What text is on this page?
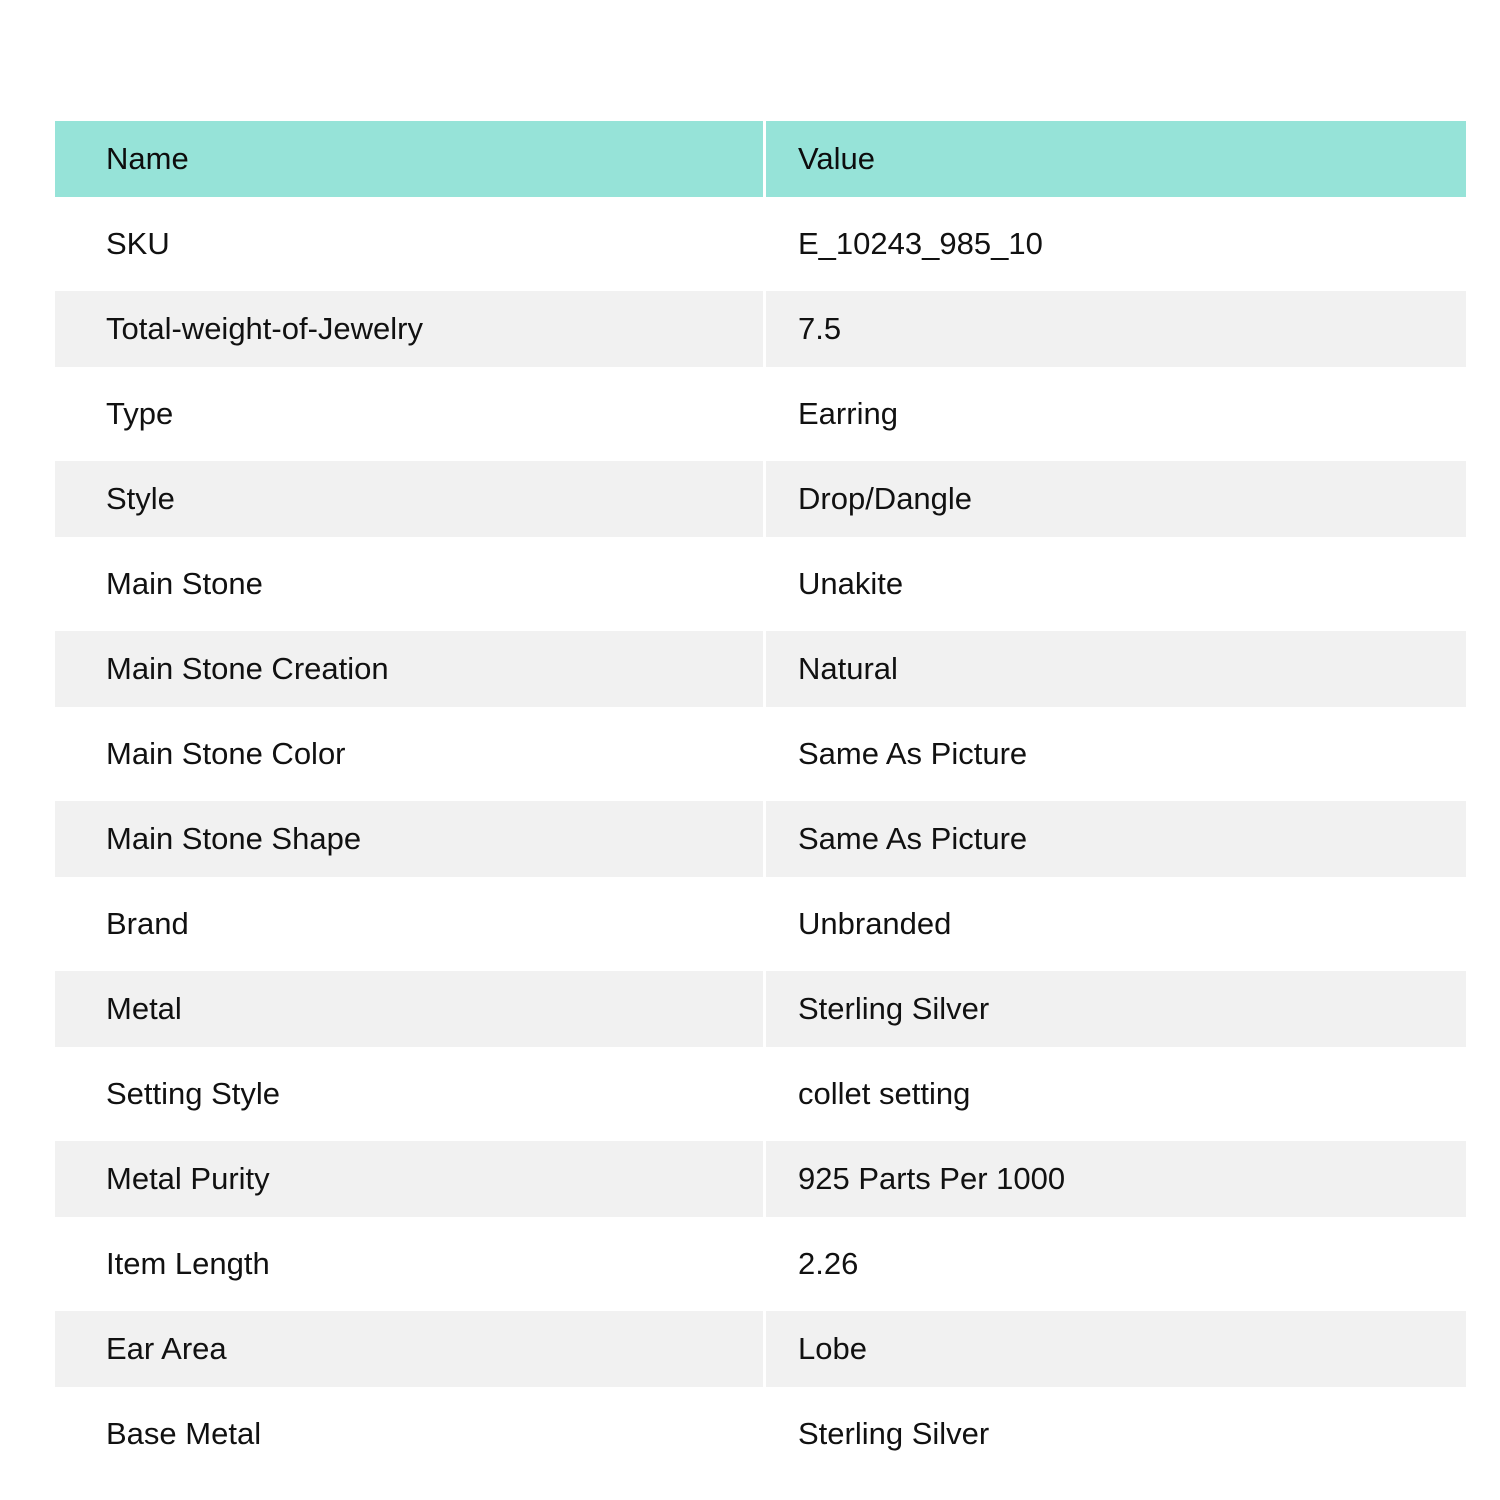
Name	Value
SKU	E_10243_985_10
Total-weight-of-Jewelry	7.5
Type	Earring
Style	Drop/Dangle
Main Stone	Unakite
Main Stone Creation	Natural
Main Stone Color	Same As Picture
Main Stone Shape	Same As Picture
Brand	Unbranded
Metal	Sterling Silver
Setting Style	collet setting
Metal Purity	925 Parts Per 1000
Item Length	2.26
Ear Area	Lobe
Base Metal	Sterling Silver
